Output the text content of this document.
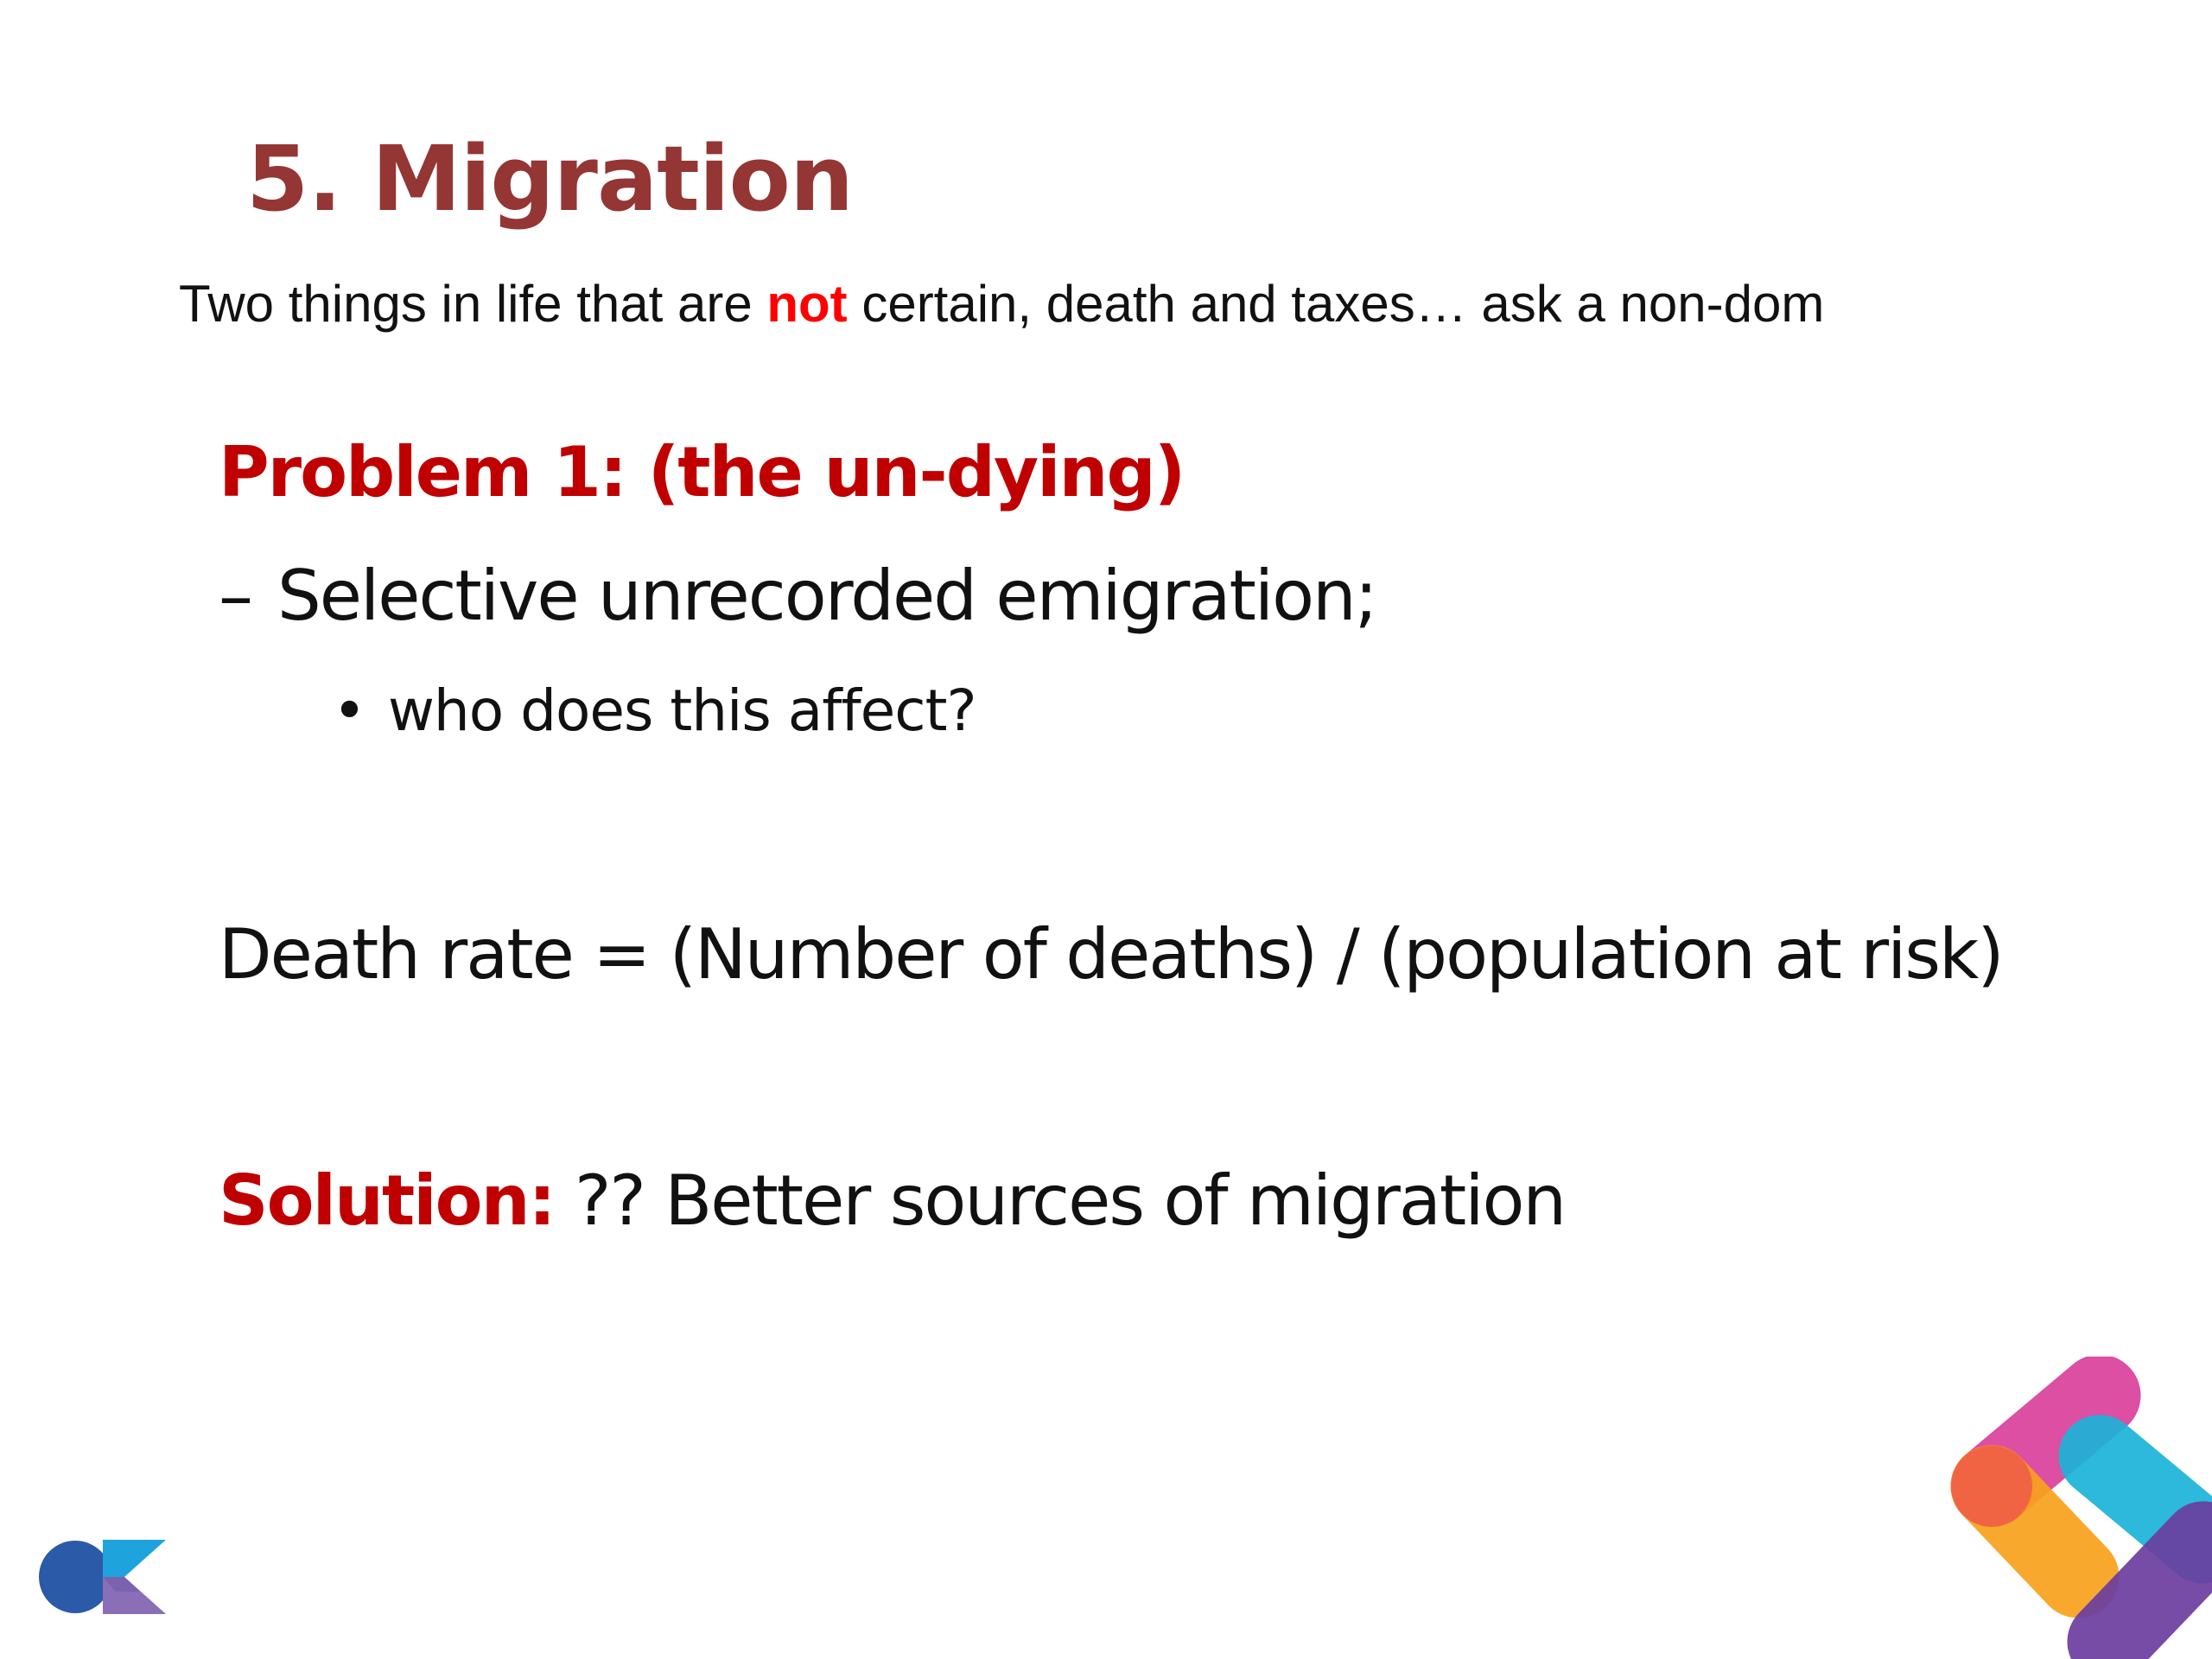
5. Migration
Two things in life that are not certain, death and taxes… ask a non-dom
Problem 1: (the un-dying)
– Selective unrecorded emigration;
• who does this affect?
Death rate = (Number of deaths) / (population at risk)
Solution: ?? Better sources of migration
